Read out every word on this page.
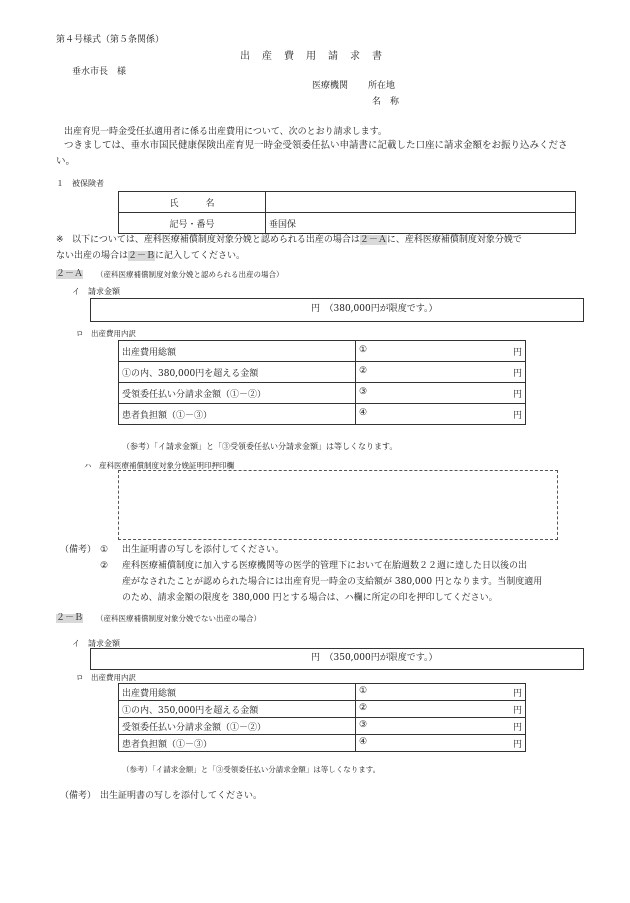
第４号様式（第５条関係）
出　産　費　用　請　求　書
垂水市長　様
医療機関 所在地
名　称
出産育児一時金受任払適用者に係る出産費用について、次のとおり請求します。
つきましては、垂水市国民健康保険出産育児一時金受領委任払い申請書に記載した口座に請求金額をお振り込みください。
１　被保険者
氏　　　名	
記号・番号	垂国保
※ 以下については、産科医療補償制度対象分娩と認められる出産の場合は２－Ａに、産科医療補償制度対象分娩で
ない出産の場合は２－Ｂに記入してください。
２－Ａ （産科医療補償制度対象分娩と認められる出産の場合）
イ　請求金額
円　（380,000円が限度です。）
ロ　出産費用内訳
出産費用総額	① 円

①の内、380,000円を超える金額	② 円

受領委任払い分請求金額（①－②）	③ 円

患者負担額（①－③）	④ 円
（参考）「イ請求金額」と「③受領委任払い分請求金額」は等しくなります。
ハ　産科医療補償制度対象分娩証明印押印欄
（備考） ① 出生証明書の写しを添付してください。
② 産科医療補償制度に加入する医療機関等の医学的管理下において在胎週数２２週に達した日以後の出
産がなされたことが認められた場合には出産育児一時金の支給額が 380,000 円となります。当制度適用
のため、請求金額の限度を 380,000 円とする場合は、ハ欄に所定の印を押印してください。
２－Ｂ （産科医療補償制度対象分娩でない出産の場合）
イ　請求金額
円　（350,000円が限度です。）
ロ　出産費用内訳
出産費用総額	① 円

①の内、350,000円を超える金額	② 円

受領委任払い分請求金額（①－②）	③ 円

患者負担額（①－③）	④ 円
（参考）「イ請求金額」と「③受領委任払い分請求金額」は等しくなります。
（備考） 出生証明書の写しを添付してください。
